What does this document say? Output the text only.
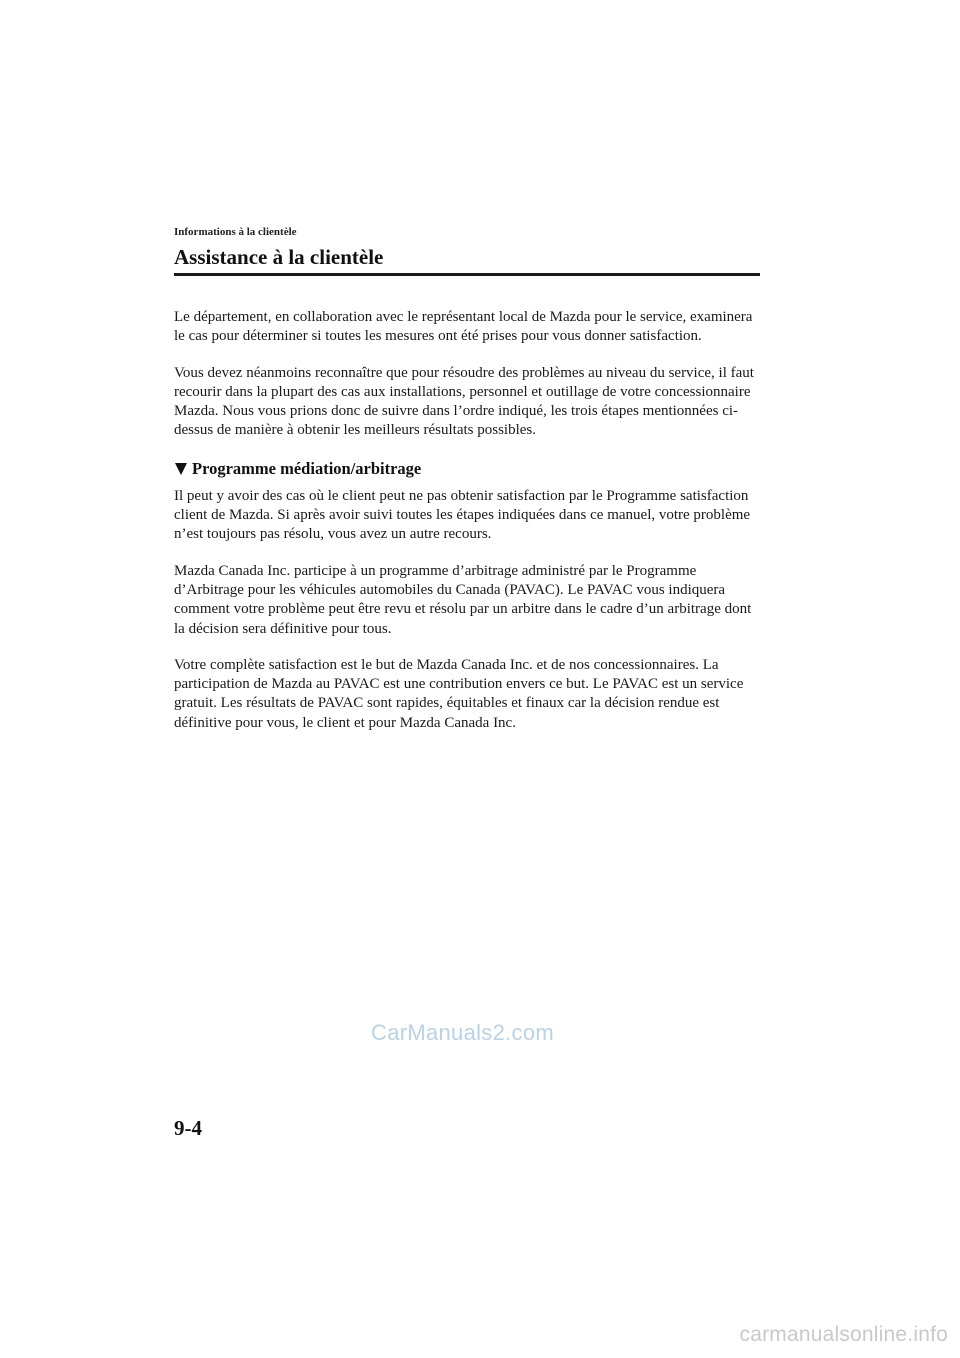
Informations à la clientèle
Assistance à la clientèle

Le département, en collaboration avec le représentant local de Mazda pour le service, examinera le cas pour déterminer si toutes les mesures ont été prises pour vous donner satisfaction.

Vous devez néanmoins reconnaître que pour résoudre des problèmes au niveau du service, il faut recourir dans la plupart des cas aux installations, personnel et outillage de votre concessionnaire Mazda. Nous vous prions donc de suivre dans l’ordre indiqué, les trois étapes mentionnées ci-dessus de manière à obtenir les meilleurs résultats possibles.

Programme médiation/arbitrage

Il peut y avoir des cas où le client peut ne pas obtenir satisfaction par le Programme satisfaction client de Mazda. Si après avoir suivi toutes les étapes indiquées dans ce manuel, votre problème n’est toujours pas résolu, vous avez un autre recours.

Mazda Canada Inc. participe à un programme d’arbitrage administré par le Programme d’Arbitrage pour les véhicules automobiles du Canada (PAVAC). Le PAVAC vous indiquera comment votre problème peut être revu et résolu par un arbitre dans le cadre d’un arbitrage dont la décision sera définitive pour tous.

Votre complète satisfaction est le but de Mazda Canada Inc. et de nos concessionnaires. La participation de Mazda au PAVAC est une contribution envers ce but. Le PAVAC est un service gratuit. Les résultats de PAVAC sont rapides, équitables et finaux car la décision rendue est définitive pour vous, le client et pour Mazda Canada Inc.

CarManuals2.com
9-4
carmanualsonline.info
